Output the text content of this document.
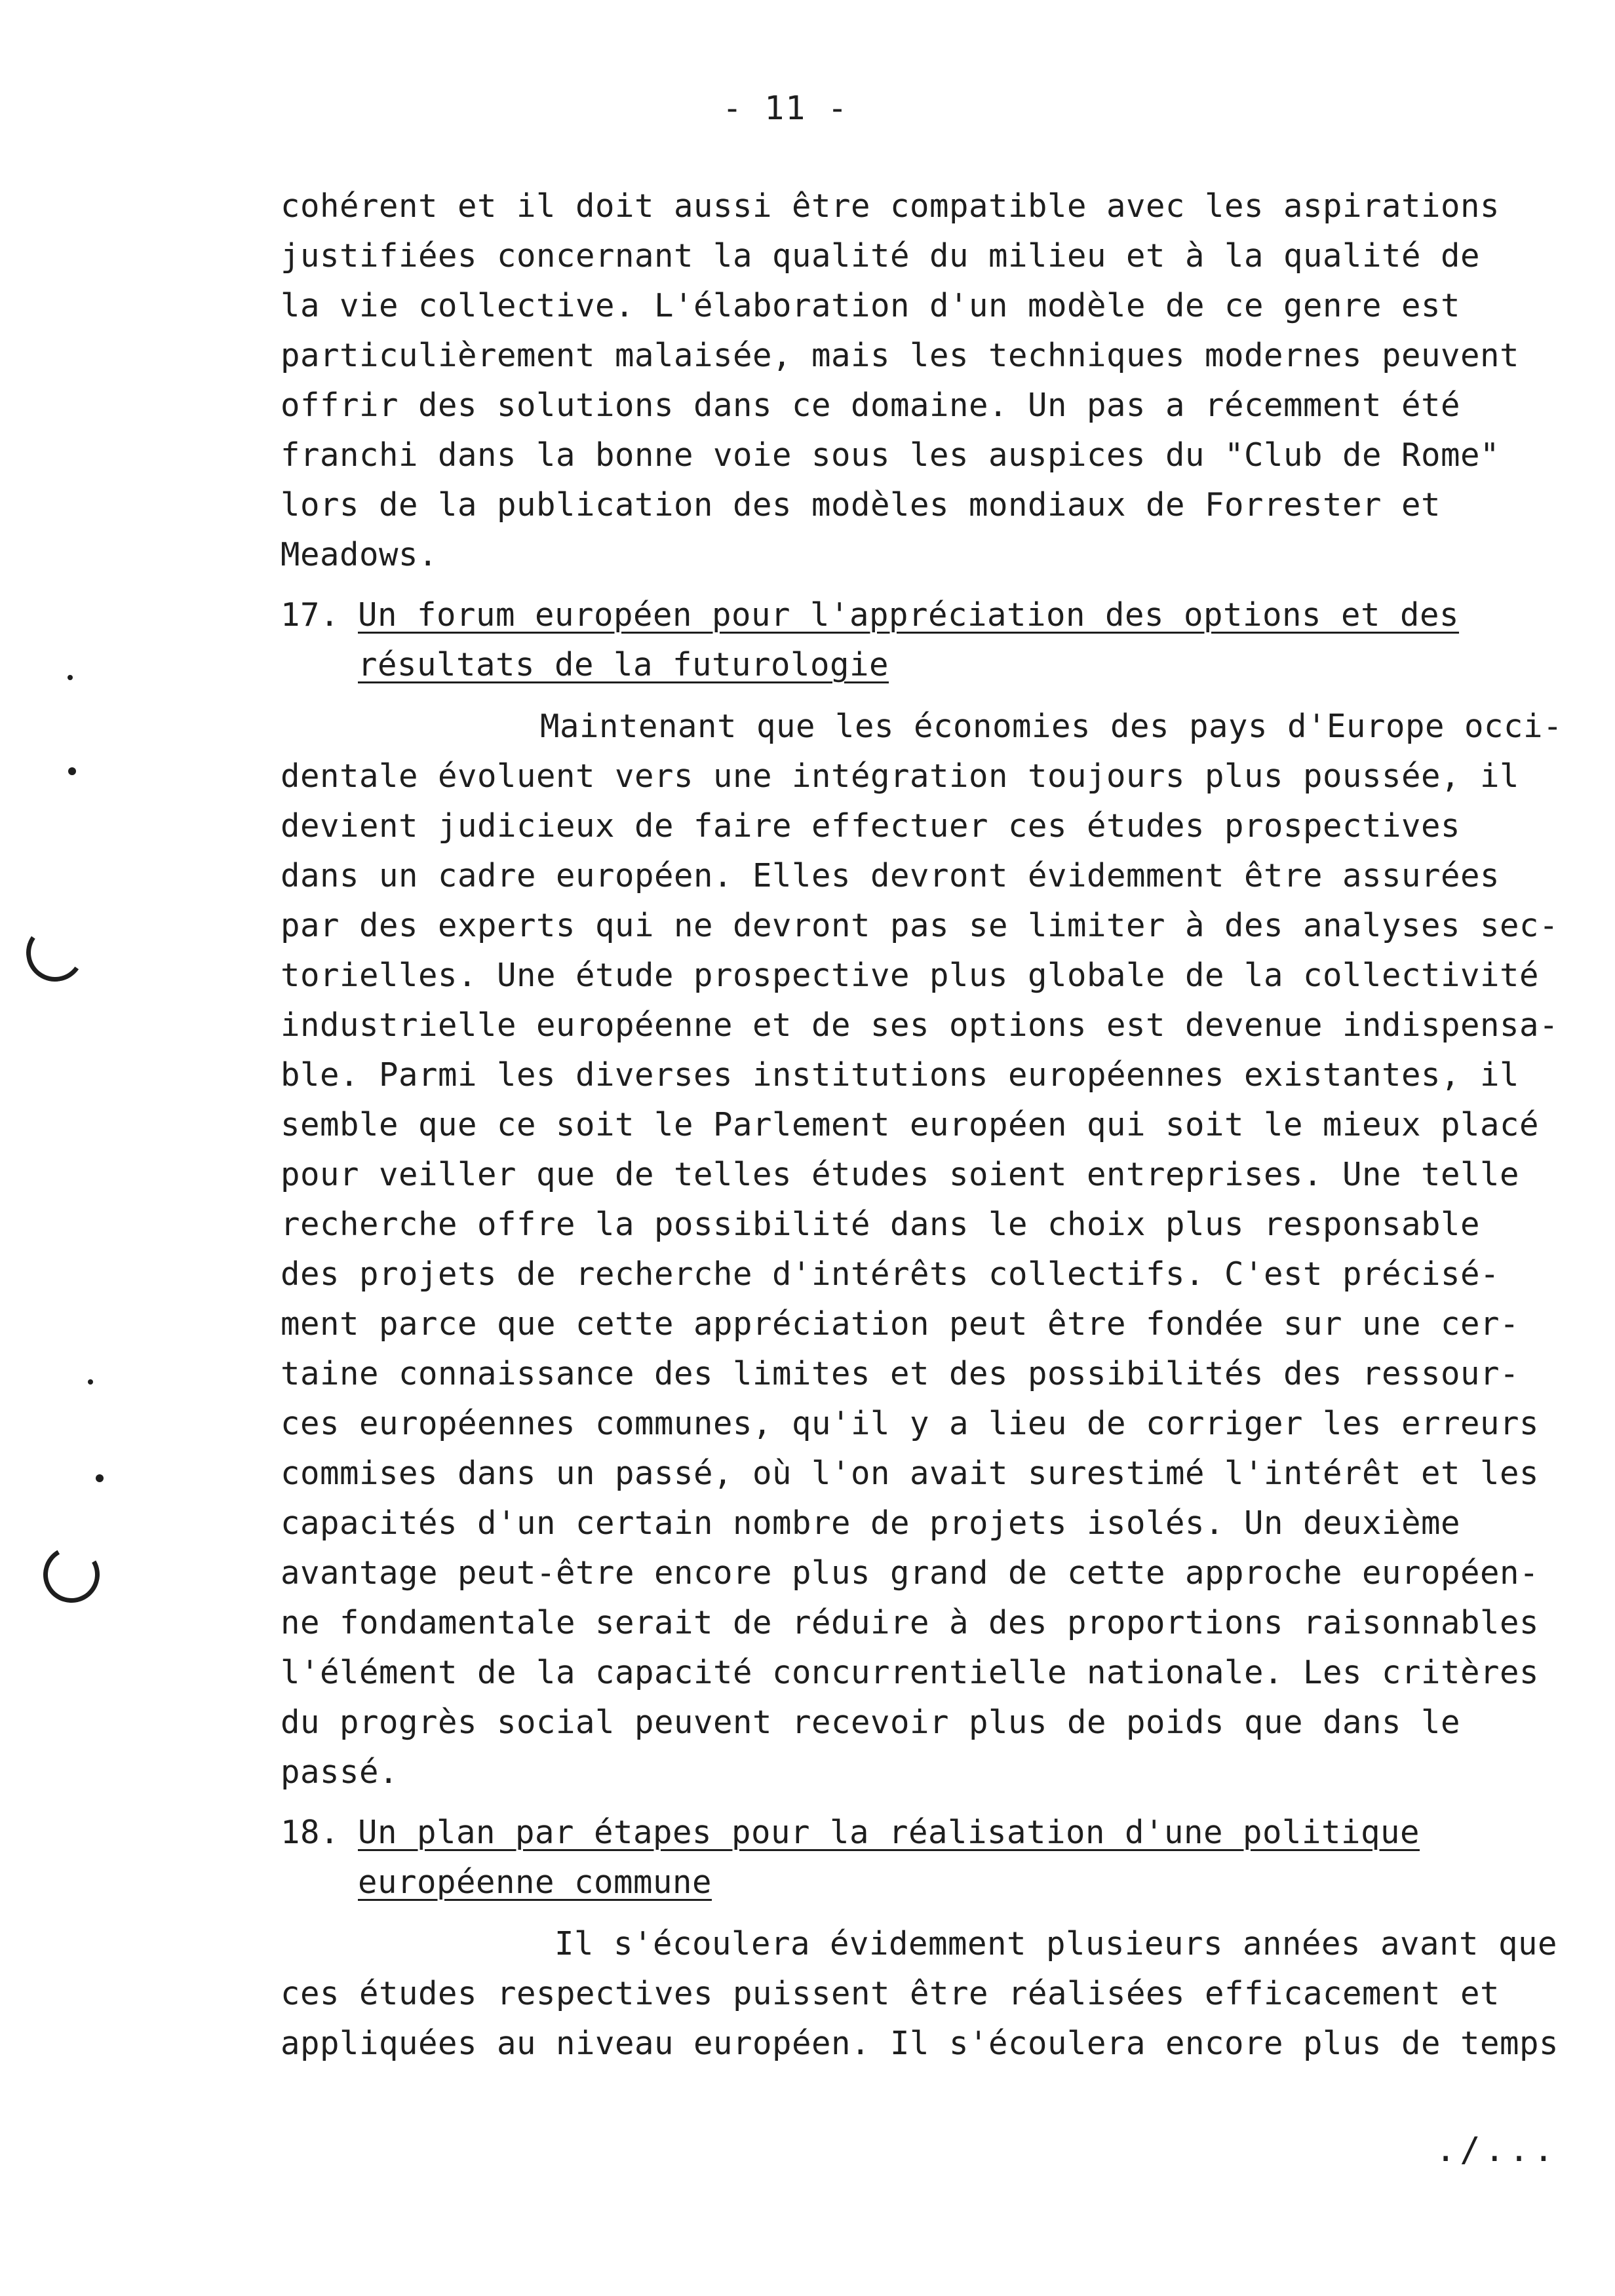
- 11 -
cohérent et il doit aussi être compatible avec les aspirations
justifiées concernant la qualité du milieu et à la qualité de
la vie collective. L'élaboration d'un modèle de ce genre est
particulièrement malaisée, mais les techniques modernes peuvent
offrir des solutions dans ce domaine. Un pas a récemment été
franchi dans la bonne voie sous les auspices du "Club de Rome"
lors de la publication des modèles mondiaux de Forrester et
Meadows.
17. Un forum européen pour l'appréciation des options et des
résultats de la futurologie
Maintenant que les économies des pays d'Europe occi-
dentale évoluent vers une intégration toujours plus poussée, il
devient judicieux de faire effectuer ces études prospectives
dans un cadre européen. Elles devront évidemment être assurées
par des experts qui ne devront pas se limiter à des analyses sec-
torielles. Une étude prospective plus globale de la collectivité
industrielle européenne et de ses options est devenue indispensa-
ble. Parmi les diverses institutions européennes existantes, il
semble que ce soit le Parlement européen qui soit le mieux placé
pour veiller que de telles études soient entreprises. Une telle
recherche offre la possibilité dans le choix plus responsable
des projets de recherche d'intérêts collectifs. C'est précisé-
ment parce que cette appréciation peut être fondée sur une cer-
taine connaissance des limites et des possibilités des ressour-
ces européennes communes, qu'il y a lieu de corriger les erreurs
commises dans un passé, où l'on avait surestimé l'intérêt et les
capacités d'un certain nombre de projets isolés. Un deuxième
avantage peut-être encore plus grand de cette approche européen-
ne fondamentale serait de réduire à des proportions raisonnables
l'élément de la capacité concurrentielle nationale. Les critères
du progrès social peuvent recevoir plus de poids que dans le
passé.
18. Un plan par étapes pour la réalisation d'une politique
européenne commune
Il s'écoulera évidemment plusieurs années avant que
ces études respectives puissent être réalisées efficacement et
appliquées au niveau européen. Il s'écoulera encore plus de temps
./...
